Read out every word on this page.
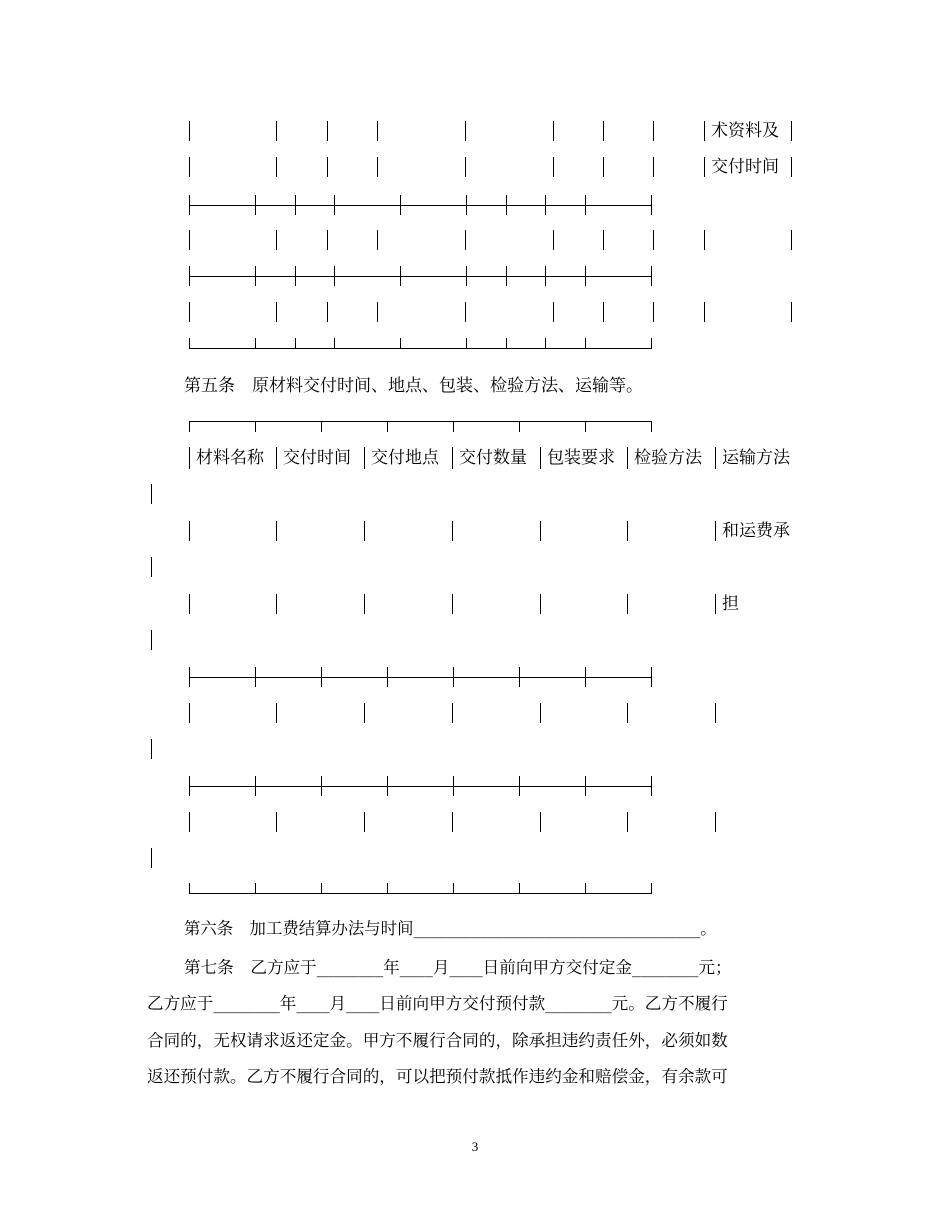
术资料及
交付时间
第五条　原材料交付时间、地点、包装、检验方法、运输等。
材料名称 交付时间 交付地点 交付数量 包装要求 检验方法 运输方法
和运费承
担
第六条　加工费结算办法与时间___________________________________。
第七条　乙方应于________年____月____日前向甲方交付定金________元；
乙方应于________年____月____日前向甲方交付预付款________元。乙方不履行
合同的，无权请求返还定金。甲方不履行合同的，除承担违约责任外，必须如数
返还预付款。乙方不履行合同的，可以把预付款抵作违约金和赔偿金，有余款可
3
